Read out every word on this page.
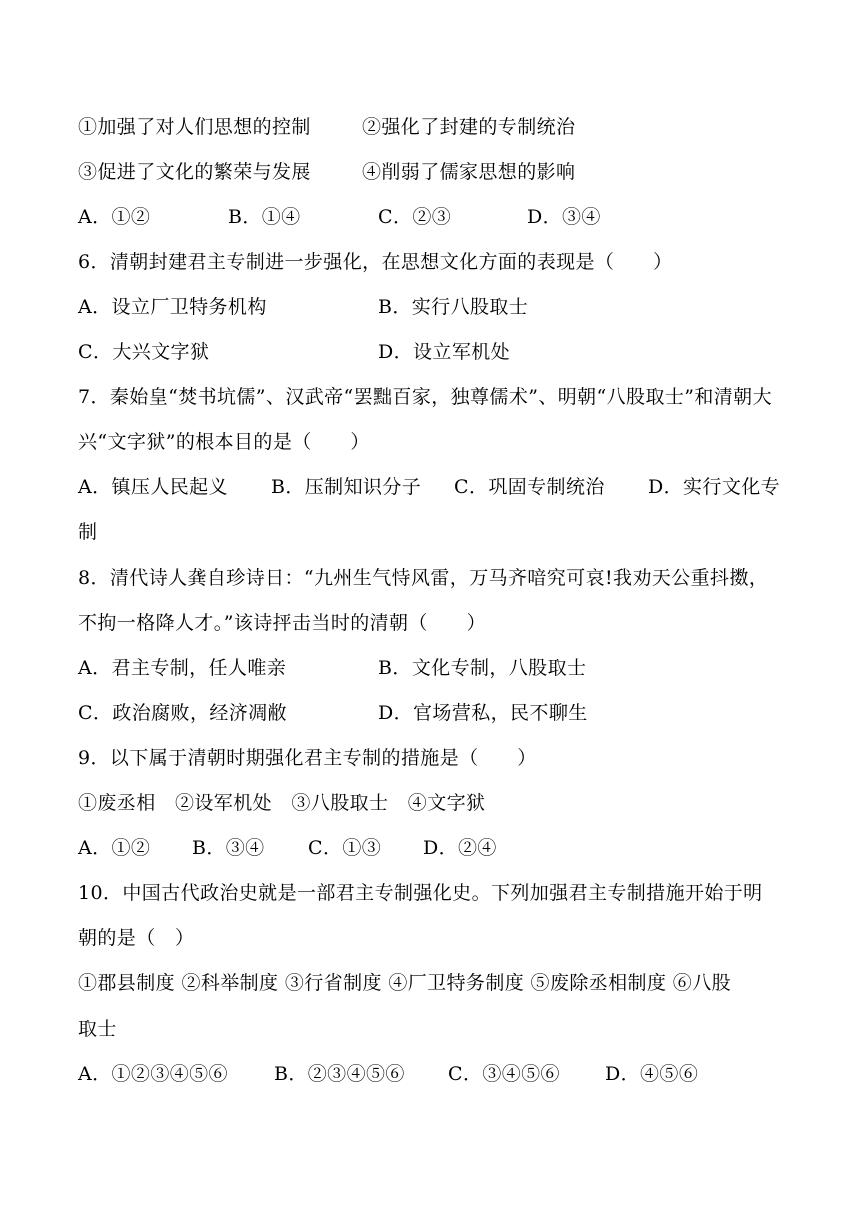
①加强了对人们思想的控制	②强化了封建的专制统治
③促进了文化的繁荣与发展	④削弱了儒家思想的影响
A．①②	B．①④	C．②③	D．③④
6．清朝封建君主专制进一步强化，在思想文化方面的表现是（　　）
A．设立厂卫特务机构	B．实行八股取士
C．大兴文字狱	D．设立军机处
7．秦始皇“焚书坑儒”、汉武帝“罢黜百家，独尊儒术”、明朝“八股取士”和清朝大
兴“文字狱”的根本目的是（　　）
A．镇压人民起义 B．压制知识分子 C．巩固专制统治 D．实行文化专
制
8．清代诗人龚自珍诗日：“九州生气恃风雷，万马齐喑究可哀!我劝天公重抖擞，
不拘一格降人才。”该诗抨击当时的清朝（　　）
A．君主专制，任人唯亲	B．文化专制，八股取士
C．政治腐败，经济凋敝	D．官场营私，民不聊生
9．以下属于清朝时期强化君主专制的措施是（　　）
①废丞相　②设军机处　③八股取士　④文字狱
A．①② B．③④ C．①③ D．②④
10．中国古代政治史就是一部君主专制强化史。下列加强君主专制措施开始于明
朝的是（　）
①郡县制度 ②科举制度 ③行省制度 ④厂卫特务制度 ⑤废除丞相制度 ⑥八股
取士
A．①②③④⑤⑥ B．②③④⑤⑥ C．③④⑤⑥ D．④⑤⑥
